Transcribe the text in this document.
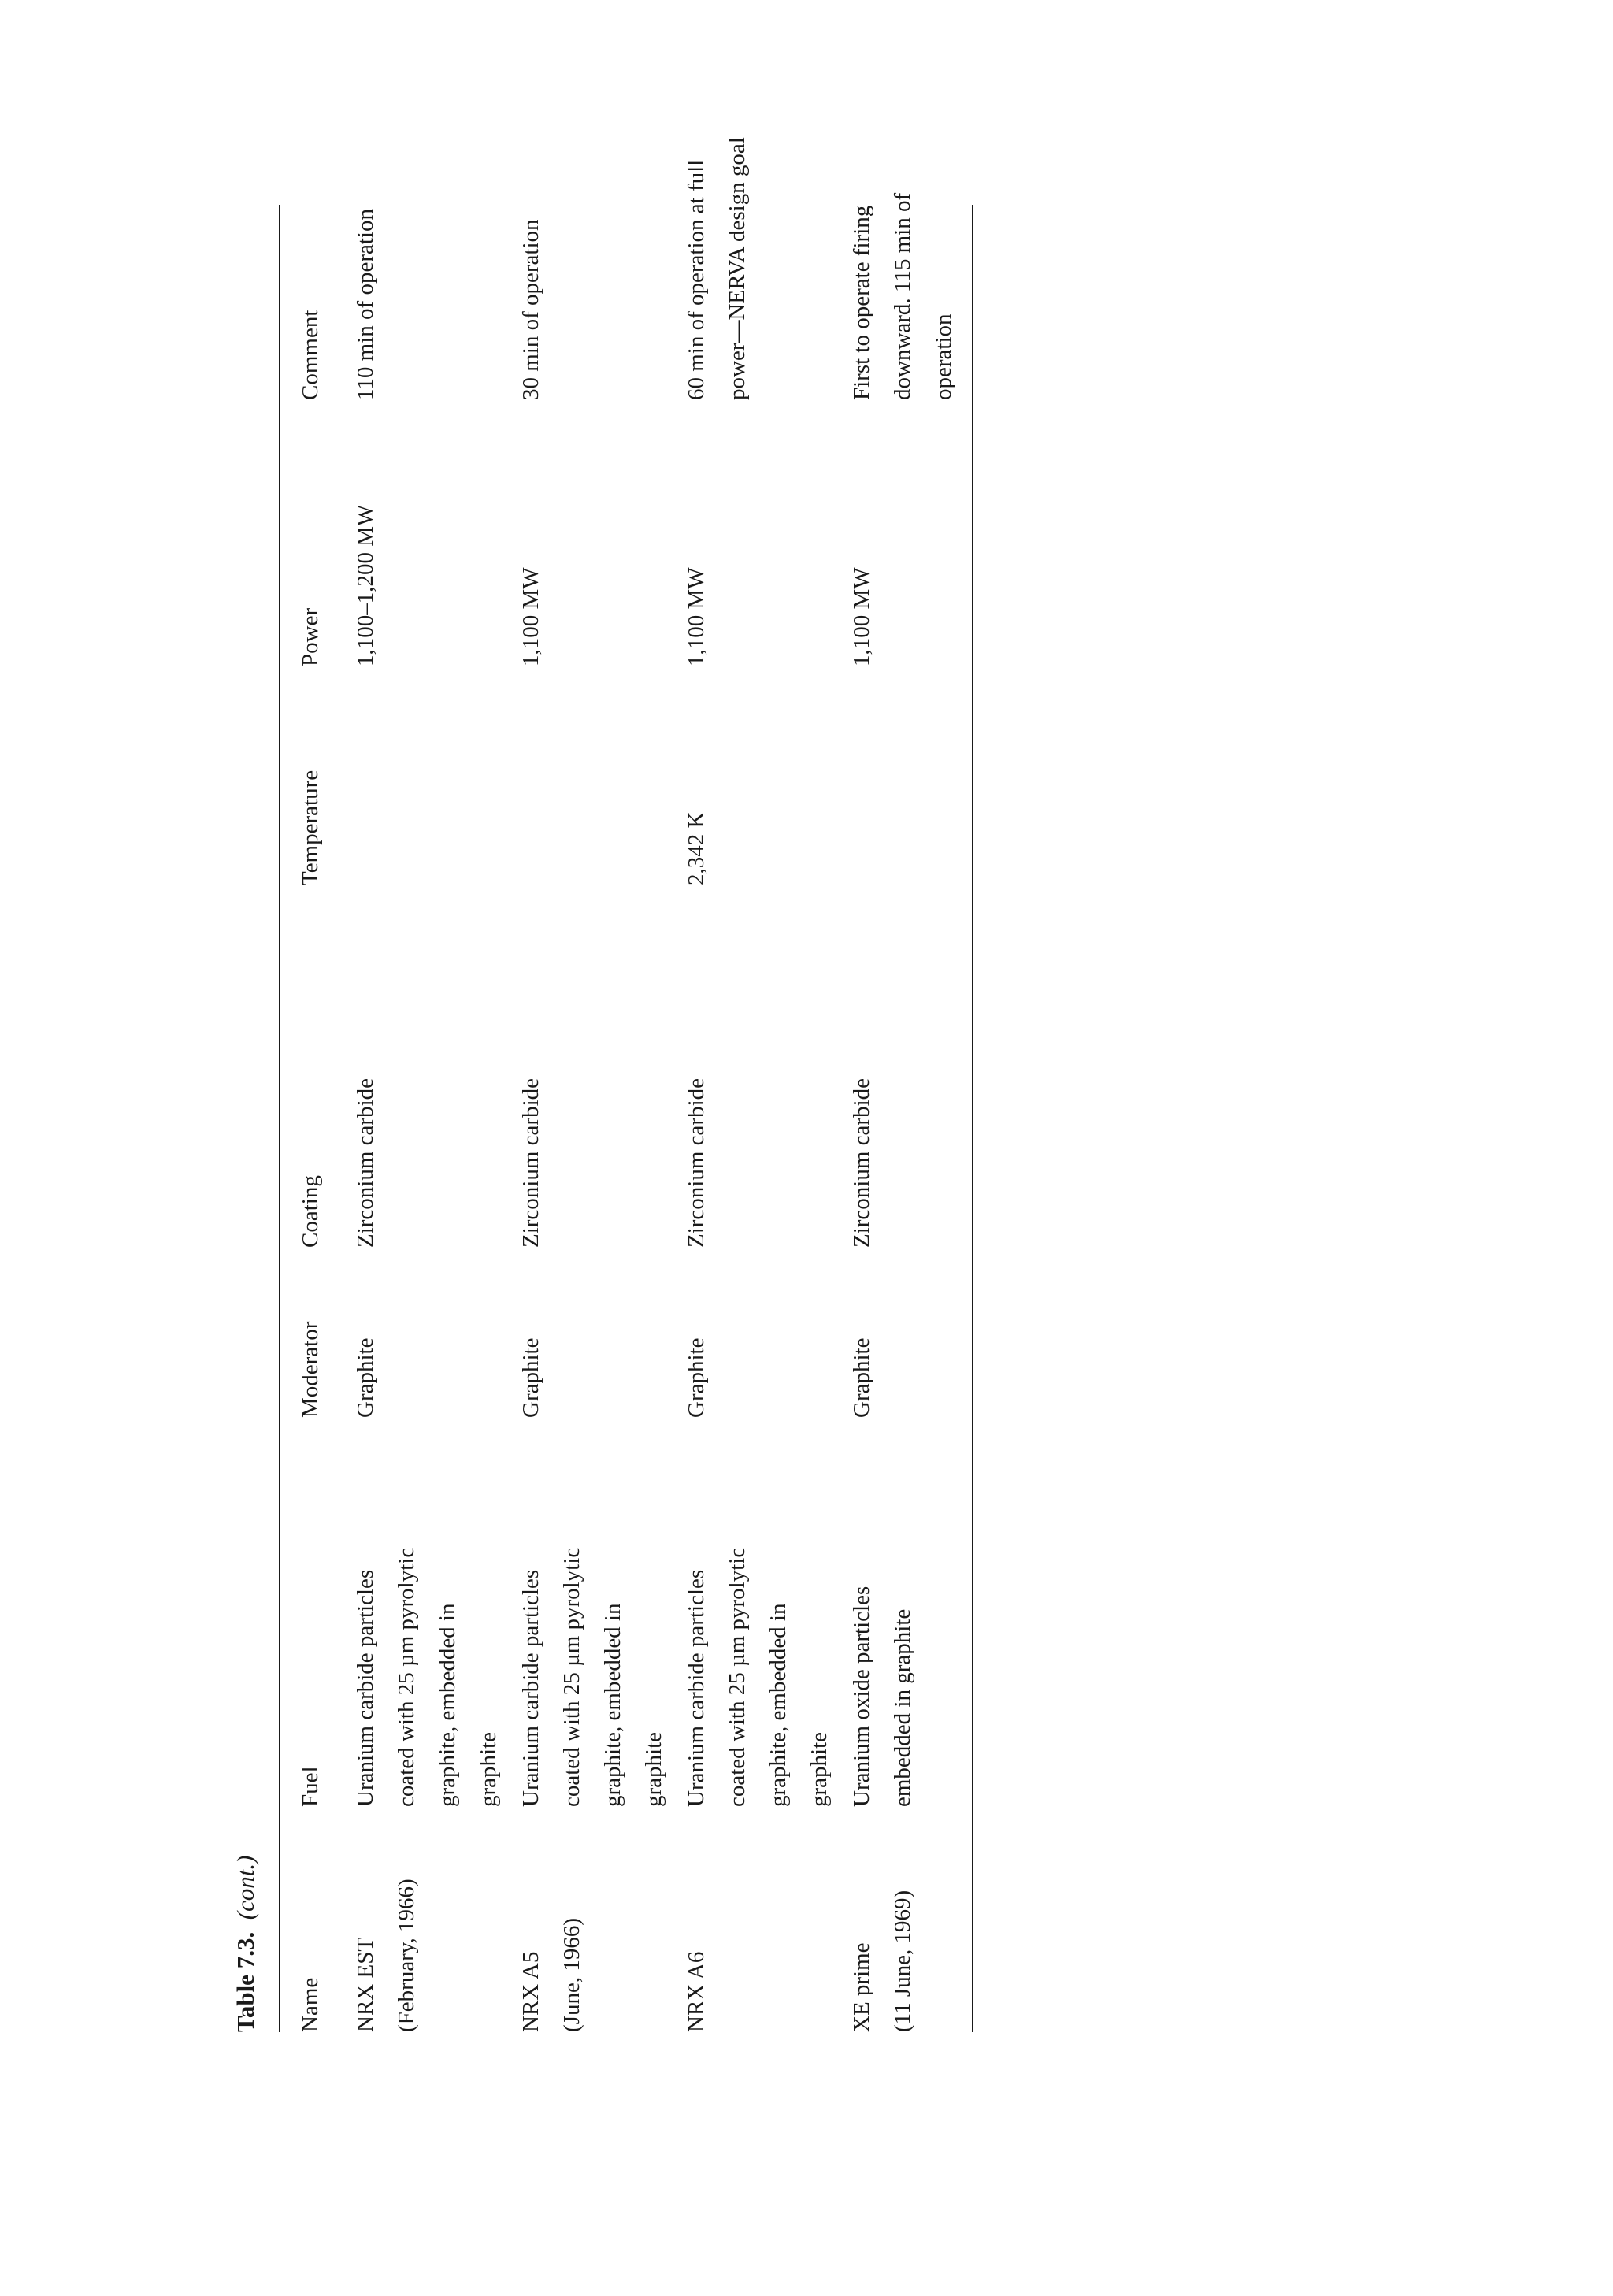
Table 7.3.  (cont.)
Name
Fuel
Moderator
Coating
Temperature
Power
Comment
NRX EST (February, 1966)
Uranium carbide particles coated with 25 µm pyrolytic graphite, embedded in graphite
Graphite
Zirconium carbide
1,100–1,200 MW
110 min of operation
NRX A5 (June, 1966)
Uranium carbide particles coated with 25 µm pyrolytic graphite, embedded in graphite
Graphite
Zirconium carbide
1,100 MW
30 min of operation
NRX A6
Uranium carbide particles coated with 25 µm pyrolytic graphite, embedded in graphite
Graphite
Zirconium carbide
2,342 K
1,100 MW
60 min of operation at full power—NERVA design goal
XE prime (11 June, 1969)
Uranium oxide particles embedded in graphite
Graphite
Zirconium carbide
1,100 MW
First to operate firing downward. 115 min of operation
